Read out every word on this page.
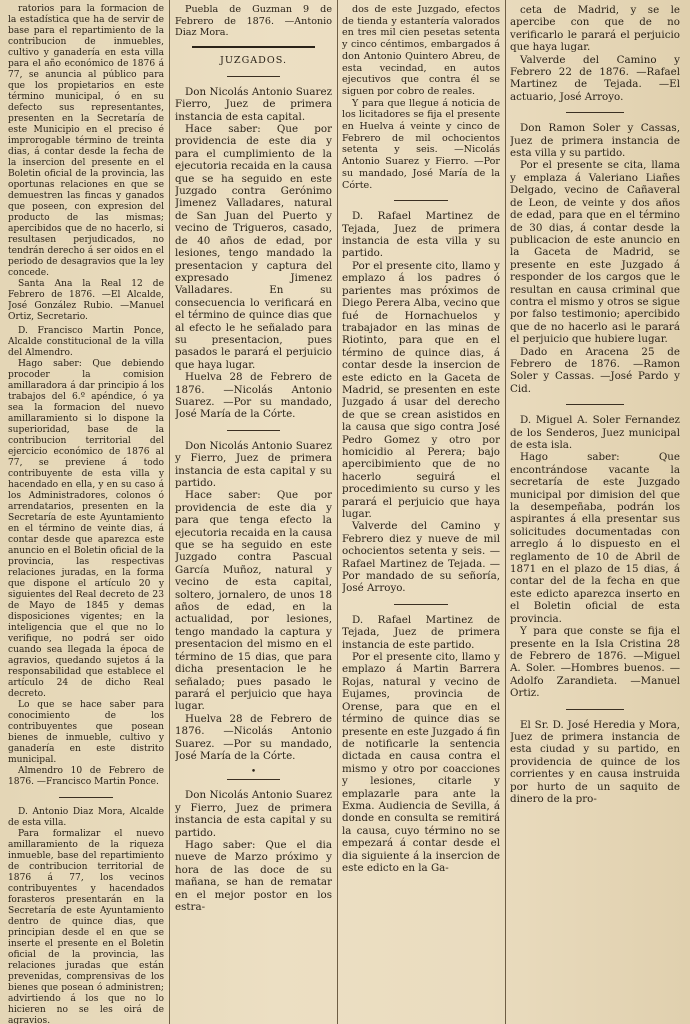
ratorios para la formacion de la estadística que ha de servir de base para el repartimiento de la contribucion de inmuebles, cultivo y ganadería en esta villa para el año económico de 1876 á 77, se anuncia al público para que los propietarios en este término municipal, ó en su defecto sus representantes, presenten en la Secretaría de este Municipio en el preciso é improrogable término de treinta dias, á contar desde la fecha de la insercion del presente en el Boletin oficial de la provincia, las oportunas relaciones en que se demuestren las fincas y ganados que poseen, con expresion del producto de las mismas; apercibidos que de no hacerlo, si resultasen perjudicados, no tendrán derecho á ser oidos en el periodo de desagravios que la ley concede.

Santa Ana la Real 12 de Febrero de 1876. —El Alcalde, José González Rubio. —Manuel Ortiz, Secretario.

D. Francisco Martin Ponce, Alcalde constitucional de la villa del Almendro.

Hago saber: Que debiendo procoder la comision amillaradora á dar principio á los trabajos del 6.º apéndice, ó ya sea la formacion del nuevo amillaramiento si lo dispone la superioridad, base de la contribucion territorial del ejercicio económico de 1876 al 77, se previene á todo contribuyente de esta villa y hacendado en ella, y en su caso á los Administradores, colonos ó arrendatarios, presenten en la Secretaría de este Ayuntamiento en el término de veinte dias, á contar desde que aparezca este anuncio en el Boletin oficial de la provincia, las respectivas relaciones juradas, en la forma que dispone el artículo 20 y siguientes del Real decreto de 23 de Mayo de 1845 y demas disposiciones vigentes; en la inteligencia que el que no lo verifique, no podrá ser oido cuando sea llegada la época de agravios, quedando sujetos á la responsabilidad que establece el artículo 24 de dicho Real decreto.

Lo que se hace saber para conocimiento de los contribuyentes que posean bienes de inmueble, cultivo y ganadería en este distrito municipal.

Almendro 10 de Febrero de 1876. —Francisco Martin Ponce.

D. Antonio Diaz Mora, Alcalde de esta villa.

Para formalizar el nuevo amillaramiento de la riqueza inmueble, base del repartimiento de contribucion territorial de 1876 á 77, los vecinos contribuyentes y hacendados forasteros presentarán en la Secretaría de este Ayuntamiento dentro de quince dias, que principian desde el en que se inserte el presente en el Boletin oficial de la provincia, las relaciones juradas que están prevenidas, comprensivas de los bienes que posean ó administren; advirtiendo á los que no lo hicieren no se les oirá de agravios.

Puebla de Guzman 9 de Febrero de 1876. —Antonio Diaz Mora.

JUZGADOS.

Don Nicolás Antonio Suarez Fierro, Juez de primera instancia de esta capital.

Hace saber: Que por providencia de este dia y para el cumplimiento de la ejecutoria recaida en la causa que se ha seguido en este Juzgado contra Gerónimo Jimenez Valladares, natural de San Juan del Puerto y vecino de Trigueros, casado, de 40 años de edad, por lesiones, tengo mandado la presentacion y captura del expresado Jimenez Valladares. En su consecuencia lo verificará en el término de quince dias que al efecto le he señalado para su presentacion, pues pasados le parará el perjuicio que haya lugar.

Huelva 28 de Febrero de 1876. —Nicolás Antonio Suarez. —Por su mandado, José María de la Córte.

Don Nicolás Antonio Suarez y Fierro, Juez de primera instancia de esta capital y su partido.

Hace saber: Que por providencia de este dia y para que tenga efecto la ejecutoria recaida en la causa que se ha seguido en este Juzgado contra Pascual García Muñoz, natural y vecino de esta capital, soltero, jornalero, de unos 18 años de edad, en la actualidad, por lesiones, tengo mandado la captura y presentacion del mismo en el término de 15 dias, que para dicha presentacion le he señalado; pues pasado le parará el perjuicio que haya lugar.

Huelva 28 de Febrero de 1876. —Nicolás Antonio Suarez. —Por su mandado, José María de la Córte.

•

Don Nicolás Antonio Suarez y Fierro, Juez de primera instancia de esta capital y su partido.

Hago saber: Que el dia nueve de Marzo próximo y hora de las doce de su mañana, se han de rematar en el mejor postor en los estra-

dos de este Juzgado, efectos de tienda y estantería valorados en tres mil cien pesetas setenta y cinco céntimos, embargados á don Antonio Quintero Abreu, de esta vecindad, en autos ejecutivos que contra él se siguen por cobro de reales.

Y para que llegue á noticia de los licitadores se fija el presente en Huelva á veinte y cinco de Febrero de mil ochocientos setenta y seis. —Nicolás Antonio Suarez y Fierro. —Por su mandado, José María de la Córte.

D. Rafael Martinez de Tejada, Juez de primera instancia de esta villa y su partido.

Por el presente cito, llamo y emplazo á los padres ó parientes mas próximos de Diego Perera Alba, vecino que fué de Hornachuelos y trabajador en las minas de Riotinto, para que en el término de quince dias, á contar desde la insercion de este edicto en la Gaceta de Madrid, se presenten en este Juzgado á usar del derecho de que se crean asistidos en la causa que sigo contra José Pedro Gomez y otro por homicidio al Perera; bajo apercibimiento que de no hacerlo seguirá el procedimiento su curso y les parará el perjuicio que haya lugar.

Valverde del Camino y Febrero diez y nueve de mil ochocientos setenta y seis. —Rafael Martinez de Tejada. —Por mandado de su señoría, José Arroyo.

D. Rafael Martinez de Tejada, Juez de primera instancia de este partido.

Por el presente cito, llamo y emplazo á Martin Barrera Rojas, natural y vecino de Eujames, provincia de Orense, para que en el término de quince dias se presente en este Juzgado á fin de notificarle la sentencia dictada en causa contra el mismo y otro por coacciones y lesiones, citarle y emplazarle para ante la Exma. Audiencia de Sevilla, á donde en consulta se remitirá la causa, cuyo término no se empezará á contar desde el dia siguiente á la insercion de este edicto en la Ga-

ceta de Madrid, y se le apercibe con que de no verificarlo le parará el perjuicio que haya lugar.

Valverde del Camino y Febrero 22 de 1876. —Rafael Martinez de Tejada. —El actuario, José Arroyo.

Don Ramon Soler y Cassas, Juez de primera instancia de esta villa y su partido.

Por el presente se cita, llama y emplaza á Valeriano Liañes Delgado, vecino de Cañaveral de Leon, de veinte y dos años de edad, para que en el término de 30 dias, á contar desde la publicacion de este anuncio en la Gaceta de Madrid, se presente en este Juzgado á responder de los cargos que le resultan en causa criminal que contra el mismo y otros se sigue por falso testimonio; apercibido que de no hacerlo asi le parará el perjuicio que hubiere lugar.

Dado en Aracena 25 de Febrero de 1876. —Ramon Soler y Cassas. —José Pardo y Cid.

D. Miguel A. Soler Fernandez de los Senderos, Juez municipal de esta isla.

Hago saber: Que encontrándose vacante la secretaría de este Juzgado municipal por dimision del que la desempeñaba, podrán los aspirantes á ella presentar sus solicitudes documentadas con arreglo á lo dispuesto en el reglamento de 10 de Abril de 1871 en el plazo de 15 dias, á contar del de la fecha en que este edicto aparezca inserto en el Boletin oficial de esta provincia.

Y para que conste se fija el presente en la Isla Cristina 28 de Febrero de 1876. —Miguel A. Soler. —Hombres buenos. —Adolfo Zarandieta. —Manuel Ortiz.

El Sr. D. José Heredia y Mora, Juez de primera instancia de esta ciudad y su partido, en providencia de quince de los corrientes y en causa instruida por hurto de un saquito de dinero de la pro-
